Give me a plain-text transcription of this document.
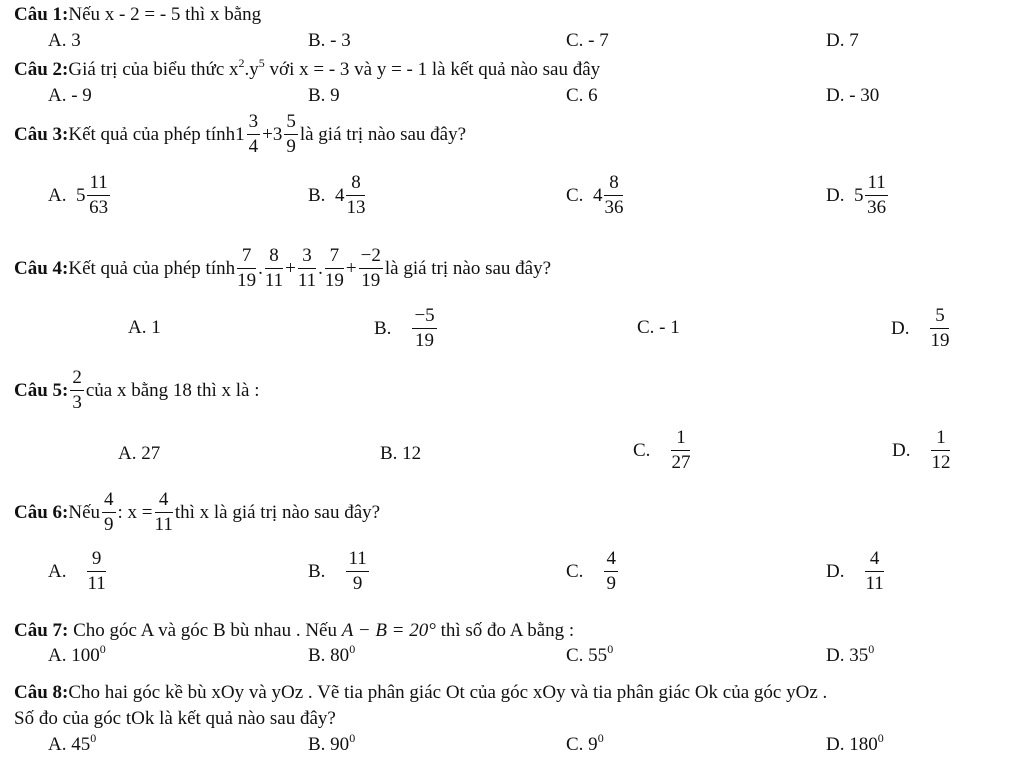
Câu 1:Nếu x - 2 = - 5 thì x bằng
A. 3	B. - 3	C. - 7	D. 7
Câu 2:Giá trị của biểu thức $x^2.y^5$ với x = - 3 và y = - 1 là kết quả nào sau đây
A. - 9	B. 9	C. 6	D. - 30
Câu 3: Kết quả của phép tính $1 \frac{3}{4} + 3 \frac{5}{9}$ là giá trị nào sau đây?
A.
$5 \frac{11}{63}$	B.
$4 \frac{8}{13}$	C.
$4 \frac{8}{36}$	D.
$5 \frac{11}{36}$
Câu 4: Kết quả của phép tính $\frac{7}{19}$ . $\frac{8}{11} + \frac{3}{11}$ . $\frac{7}{19} + \frac{-2}{19}$ là giá trị nào sau đây?
A. 1	B.
$\frac{-5}{19}$	C. - 1	D.
$\frac{5}{19}$
Câu 5: $\frac{2}{3}$ của x bằng 18 thì x là :
A. 27	B. 12	C.
$\frac{1}{27}$	D.
$\frac{1}{12}$
Câu 6: Nếu $\frac{4}{9}$ : $x = \frac{4}{11}$ thì x là giá trị nào sau đây?
A.
$\frac{9}{11}$	B.
$\frac{11}{9}$	C.
$\frac{4}{9}$	D.
$\frac{4}{11}$
Câu 7: Cho góc A và góc B bù nhau . Nếu A − B = 20° thì số đo A bằng :
A. $100^0$	B. $80^0$	C. $55^0$	D. $35^0$
Câu 8:Cho hai góc kề bù xOy và yOz . Vẽ tia phân giác Ot của góc xOy và tia phân giác Ok của góc yOz .
Số đo của góc tOk là kết quả nào sau đây?
A. $45^0$	B. $90^0$	C. $9^0$	D. $180^0$
